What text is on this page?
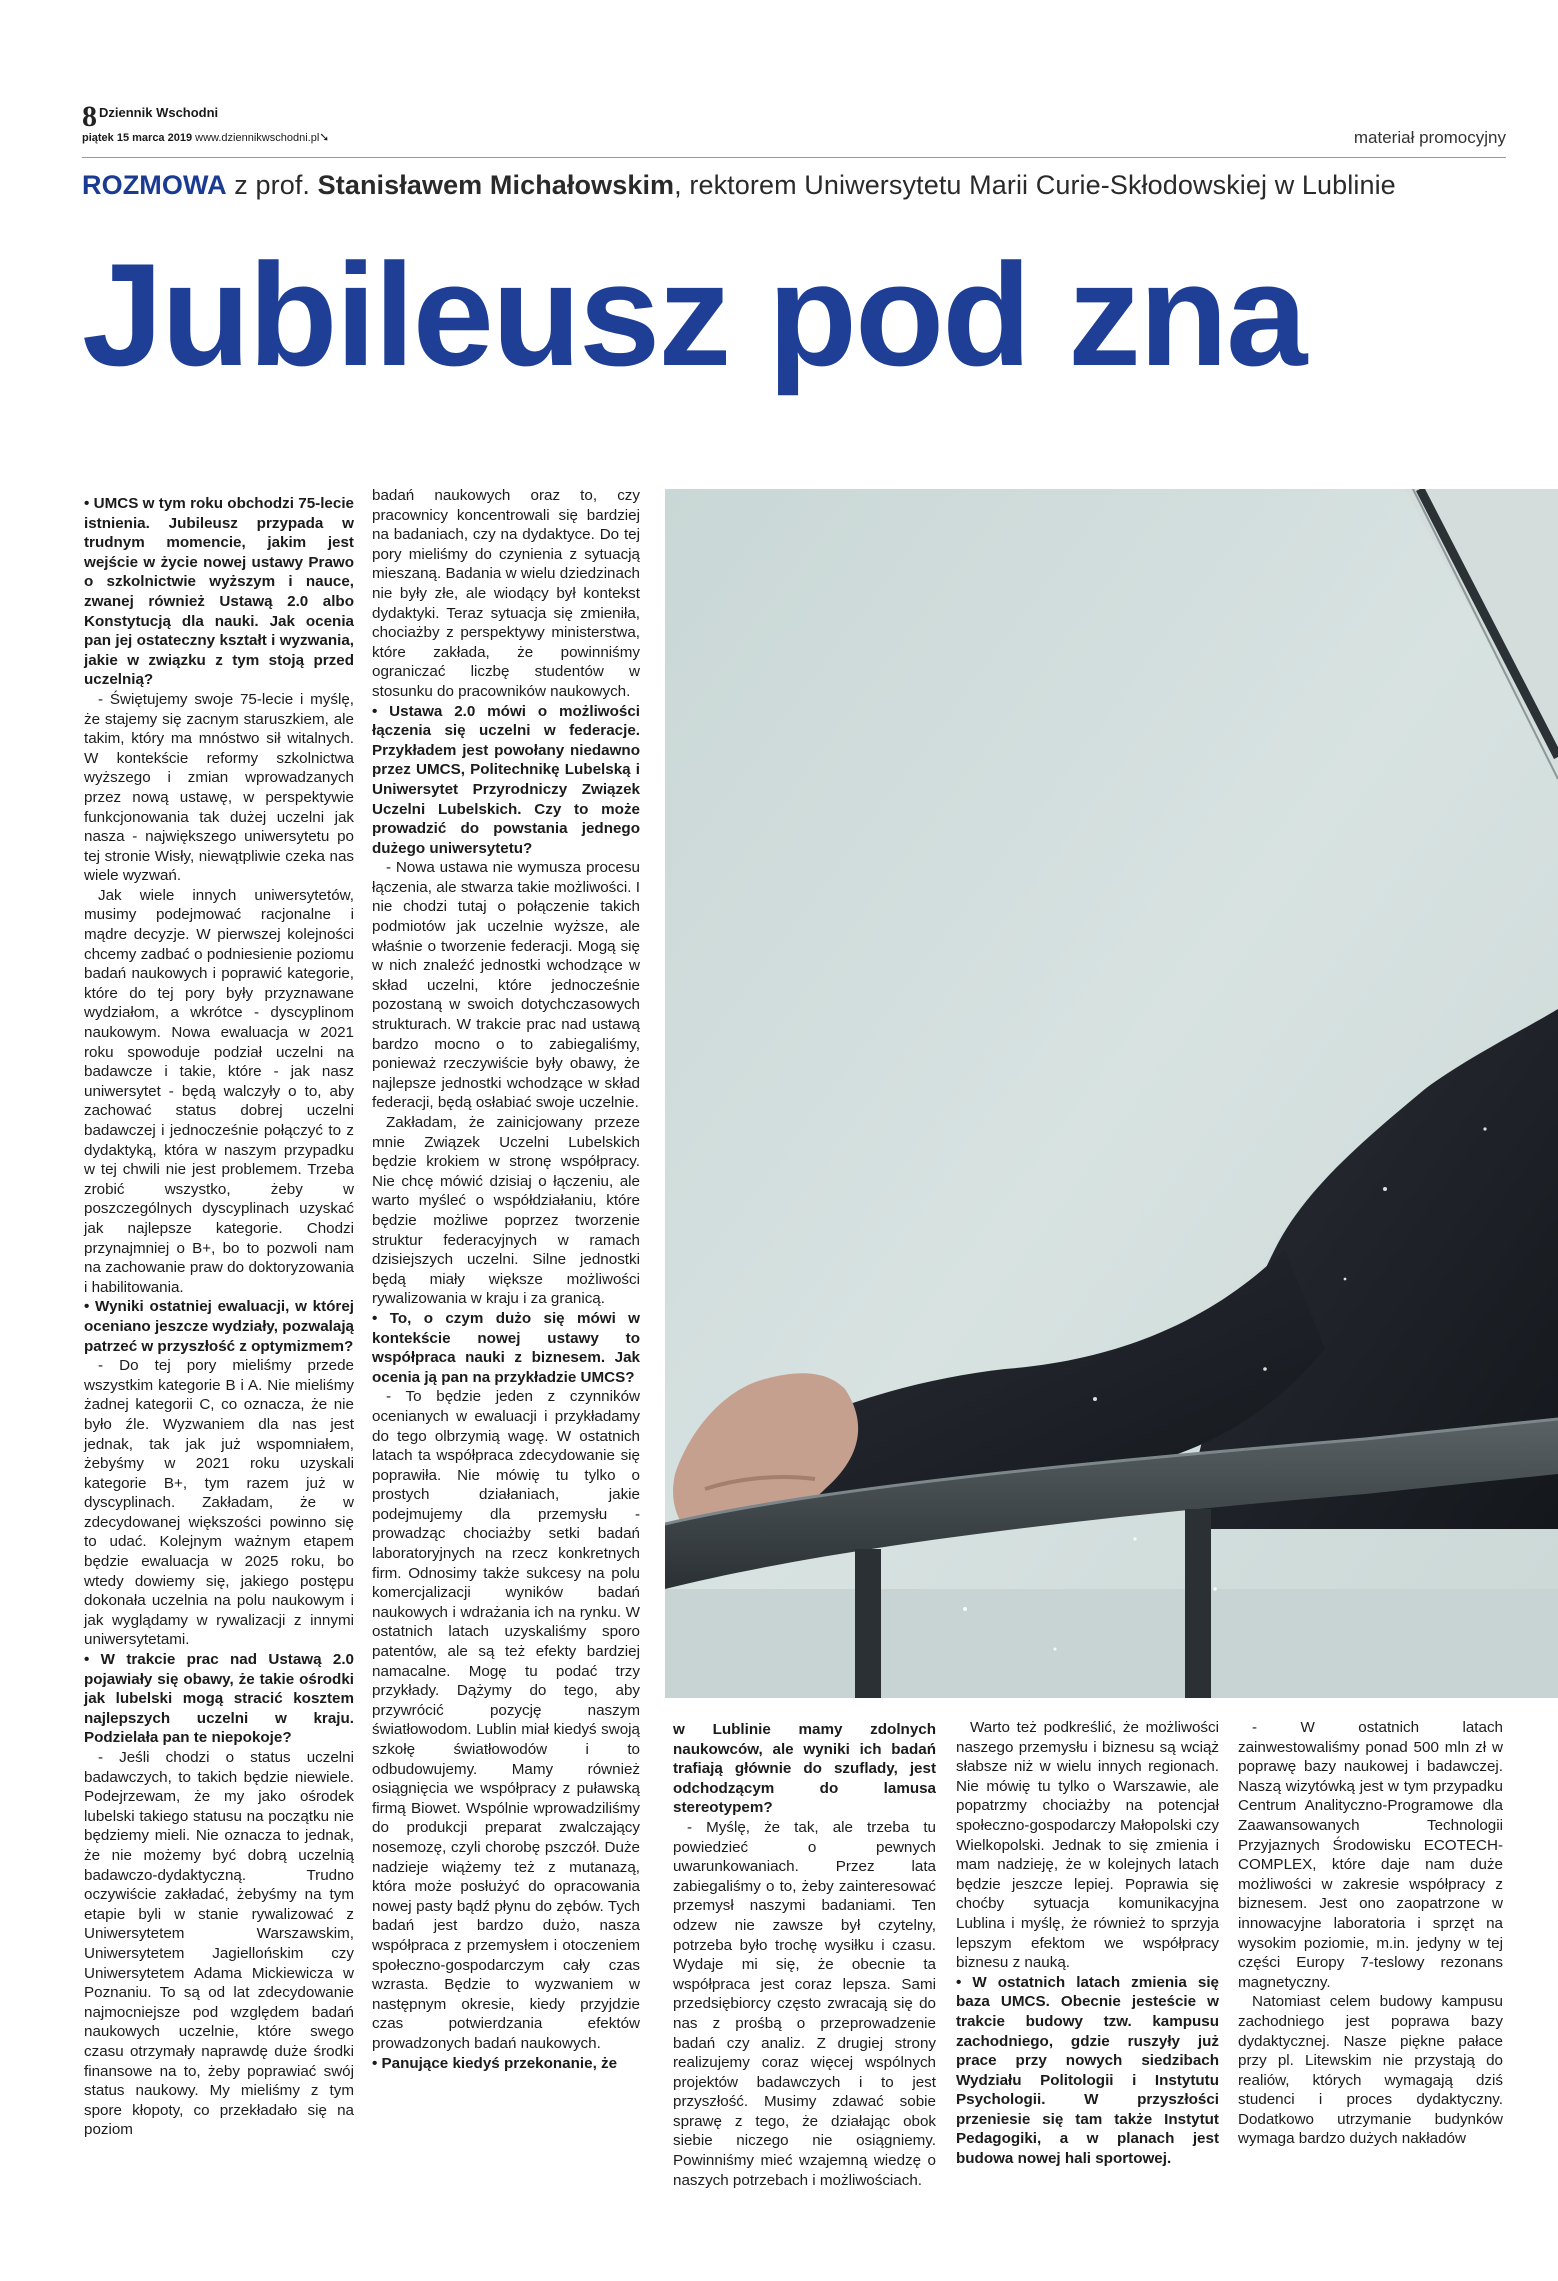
8 Dziennik Wschodni
piątek 15 marca 2019 www.dziennikwschodni.pl➘	materiał promocyjny
ROZMOWA z prof. Stanisławem Michałowskim, rektorem Uniwersytetu Marii Curie-Skłodowskiej w Lublinie
Jubileusz pod zna

• UMCS w tym roku obchodzi 75-lecie istnienia. Jubileusz przypada w trudnym momencie, jakim jest wejście w życie nowej ustawy Prawo o szkolnictwie wyższym i nauce, zwanej również Ustawą 2.0 albo Konstytucją dla nauki. Jak ocenia pan jej ostateczny kształt i wyzwania, jakie w związku z tym stoją przed uczelnią?

- Świętujemy swoje 75-lecie i myślę, że stajemy się zacnym staruszkiem, ale takim, który ma mnóstwo sił witalnych. W kontekście reformy szkolnictwa wyższego i zmian wprowadzanych przez nową ustawę, w perspektywie funkcjonowania tak dużej uczelni jak nasza - największego uniwersytetu po tej stronie Wisły, niewątpliwie czeka nas wiele wyzwań.

Jak wiele innych uniwersytetów, musimy podejmować racjonalne i mądre decyzje. W pierwszej kolejności chcemy zadbać o podniesienie poziomu badań naukowych i poprawić kategorie, które do tej pory były przyznawane wydziałom, a wkrótce - dyscyplinom naukowym. Nowa ewaluacja w 2021 roku spowoduje podział uczelni na badawcze i takie, które - jak nasz uniwersytet - będą walczyły o to, aby zachować status dobrej uczelni badawczej i jednocześnie połączyć to z dydaktyką, która w naszym przypadku w tej chwili nie jest problemem. Trzeba zrobić wszystko, żeby w poszczególnych dyscyplinach uzyskać jak najlepsze kategorie. Chodzi przynajmniej o B+, bo to pozwoli nam na zachowanie praw do doktoryzowania i habilitowania.

• Wyniki ostatniej ewaluacji, w której oceniano jeszcze wydziały, pozwalają patrzeć w przyszłość z optymizmem?

- Do tej pory mieliśmy przede wszystkim kategorie B i A. Nie mieliśmy żadnej kategorii C, co oznacza, że nie było źle. Wyzwaniem dla nas jest jednak, tak jak już wspomniałem, żebyśmy w 2021 roku uzyskali kategorie B+, tym razem już w dyscyplinach. Zakładam, że w zdecydowanej większości powinno się to udać. Kolejnym ważnym etapem będzie ewaluacja w 2025 roku, bo wtedy dowiemy się, jakiego postępu dokonała uczelnia na polu naukowym i jak wyglądamy w rywalizacji z innymi uniwersytetami.

• W trakcie prac nad Ustawą 2.0 pojawiały się obawy, że takie ośrodki jak lubelski mogą stracić kosztem najlepszych uczelni w kraju. Podzielała pan te niepokoje?

- Jeśli chodzi o status uczelni badawczych, to takich będzie niewiele. Podejrzewam, że my jako ośrodek lubelski takiego statusu na początku nie będziemy mieli. Nie oznacza to jednak, że nie możemy być dobrą uczelnią badawczo-dydaktyczną. Trudno oczywiście zakładać, żebyśmy na tym etapie byli w stanie rywalizować z Uniwersytetem Warszawskim, Uniwersytetem Jagiellońskim czy Uniwersytetem Adama Mickiewicza w Poznaniu. To są od lat zdecydowanie najmocniejsze pod względem badań naukowych uczelnie, które swego czasu otrzymały naprawdę duże środki finansowe na to, żeby poprawiać swój status naukowy. My mieliśmy z tym spore kłopoty, co przekładało się na poziom

badań naukowych oraz to, czy pracownicy koncentrowali się bardziej na badaniach, czy na dydaktyce. Do tej pory mieliśmy do czynienia z sytuacją mieszaną. Badania w wielu dziedzinach nie były złe, ale wiodący był kontekst dydaktyki. Teraz sytuacja się zmieniła, chociażby z perspektywy ministerstwa, które zakłada, że powinniśmy ograniczać liczbę studentów w stosunku do pracowników naukowych.

• Ustawa 2.0 mówi o możliwości łączenia się uczelni w federacje. Przykładem jest powołany niedawno przez UMCS, Politechnikę Lubelską i Uniwersytet Przyrodniczy Związek Uczelni Lubelskich. Czy to może prowadzić do powstania jednego dużego uniwersytetu?

- Nowa ustawa nie wymusza procesu łączenia, ale stwarza takie możliwości. I nie chodzi tutaj o połączenie takich podmiotów jak uczelnie wyższe, ale właśnie o tworzenie federacji. Mogą się w nich znaleźć jednostki wchodzące w skład uczelni, które jednocześnie pozostaną w swoich dotychczasowych strukturach. W trakcie prac nad ustawą bardzo mocno o to zabiegaliśmy, ponieważ rzeczywiście były obawy, że najlepsze jednostki wchodzące w skład federacji, będą osłabiać swoje uczelnie.

Zakładam, że zainicjowany przeze mnie Związek Uczelni Lubelskich będzie krokiem w stronę współpracy. Nie chcę mówić dzisiaj o łączeniu, ale warto myśleć o współdziałaniu, które będzie możliwe poprzez tworzenie struktur federacyjnych w ramach dzisiejszych uczelni. Silne jednostki będą miały większe możliwości rywalizowania w kraju i za granicą.

• To, o czym dużo się mówi w kontekście nowej ustawy to współpraca nauki z biznesem. Jak ocenia ją pan na przykładzie UMCS?

- To będzie jeden z czynników ocenianych w ewaluacji i przykładamy do tego olbrzymią wagę. W ostatnich latach ta współpraca zdecydowanie się poprawiła. Nie mówię tu tylko o prostych działaniach, jakie podejmujemy dla przemysłu - prowadząc chociażby setki badań laboratoryjnych na rzecz konkretnych firm. Odnosimy także sukcesy na polu komercjalizacji wyników badań naukowych i wdrażania ich na rynku. W ostatnich latach uzyskaliśmy sporo patentów, ale są też efekty bardziej namacalne. Mogę tu podać trzy przykłady. Dążymy do tego, aby przywrócić pozycję naszym światłowodom. Lublin miał kiedyś swoją szkołę światłowodów i to odbudowujemy. Mamy również osiągnięcia we współpracy z puławską firmą Biowet. Wspólnie wprowadziliśmy do produkcji preparat zwalczający nosemozę, czyli chorobę pszczół. Duże nadzieje wiążemy też z mutanazą, która może posłużyć do opracowania nowej pasty bądź płynu do zębów. Tych badań jest bardzo dużo, nasza współpraca z przemysłem i otoczeniem społeczno-gospodarczym cały czas wzrasta. Będzie to wyzwaniem w następnym okresie, kiedy przyjdzie czas potwierdzania efektów prowadzonych badań naukowych.

• Panujące kiedyś przekonanie, że

w Lublinie mamy zdolnych naukowców, ale wyniki ich badań trafiają głównie do szuflady, jest odchodzącym do lamusa stereotypem?

- Myślę, że tak, ale trzeba tu powiedzieć o pewnych uwarunkowaniach. Przez lata zabiegaliśmy o to, żeby zainteresować przemysł naszymi badaniami. Ten odzew nie zawsze był czytelny, potrzeba było trochę wysiłku i czasu. Wydaje mi się, że obecnie ta współpraca jest coraz lepsza. Sami przedsiębiorcy często zwracają się do nas z prośbą o przeprowadzenie badań czy analiz. Z drugiej strony realizujemy coraz więcej wspólnych projektów badawczych i to jest przyszłość. Musimy zdawać sobie sprawę z tego, że działając obok siebie niczego nie osiągniemy. Powinniśmy mieć wzajemną wiedzę o naszych potrzebach i możliwościach.

Warto też podkreślić, że możliwości naszego przemysłu i biznesu są wciąż słabsze niż w wielu innych regionach. Nie mówię tu tylko o Warszawie, ale popatrzmy chociażby na potencjał społeczno-gospodarczy Małopolski czy Wielkopolski. Jednak to się zmienia i mam nadzieję, że w kolejnych latach będzie jeszcze lepiej. Poprawia się choćby sytuacja komunikacyjna Lublina i myślę, że również to sprzyja lepszym efektom we współpracy biznesu z nauką.

• W ostatnich latach zmienia się baza UMCS. Obecnie jesteście w trakcie budowy tzw. kampusu zachodniego, gdzie ruszyły już prace przy nowych siedzibach Wydziału Politologii i Instytutu Psychologii. W przyszłości przeniesie się tam także Instytut Pedagogiki, a w planach jest budowa nowej hali sportowej.

- W ostatnich latach zainwestowaliśmy ponad 500 mln zł w poprawę bazy naukowej i badawczej. Naszą wizytówką jest w tym przypadku Centrum Analityczno-Programowe dla Zaawansowanych Technologii Przyjaznych Środowisku ECOTECH-COMPLEX, które daje nam duże możliwości w zakresie współpracy z biznesem. Jest ono zaopatrzone w innowacyjne laboratoria i sprzęt na wysokim poziomie, m.in. jedyny w tej części Europy 7-teslowy rezonans magnetyczny.

Natomiast celem budowy kampusu zachodniego jest poprawa bazy dydaktycznej. Nasze piękne pałace przy pl. Litewskim nie przystają do realiów, których wymagają dziś studenci i proces dydaktyczny. Dodatkowo utrzymanie budynków wymaga bardzo dużych nakładów
